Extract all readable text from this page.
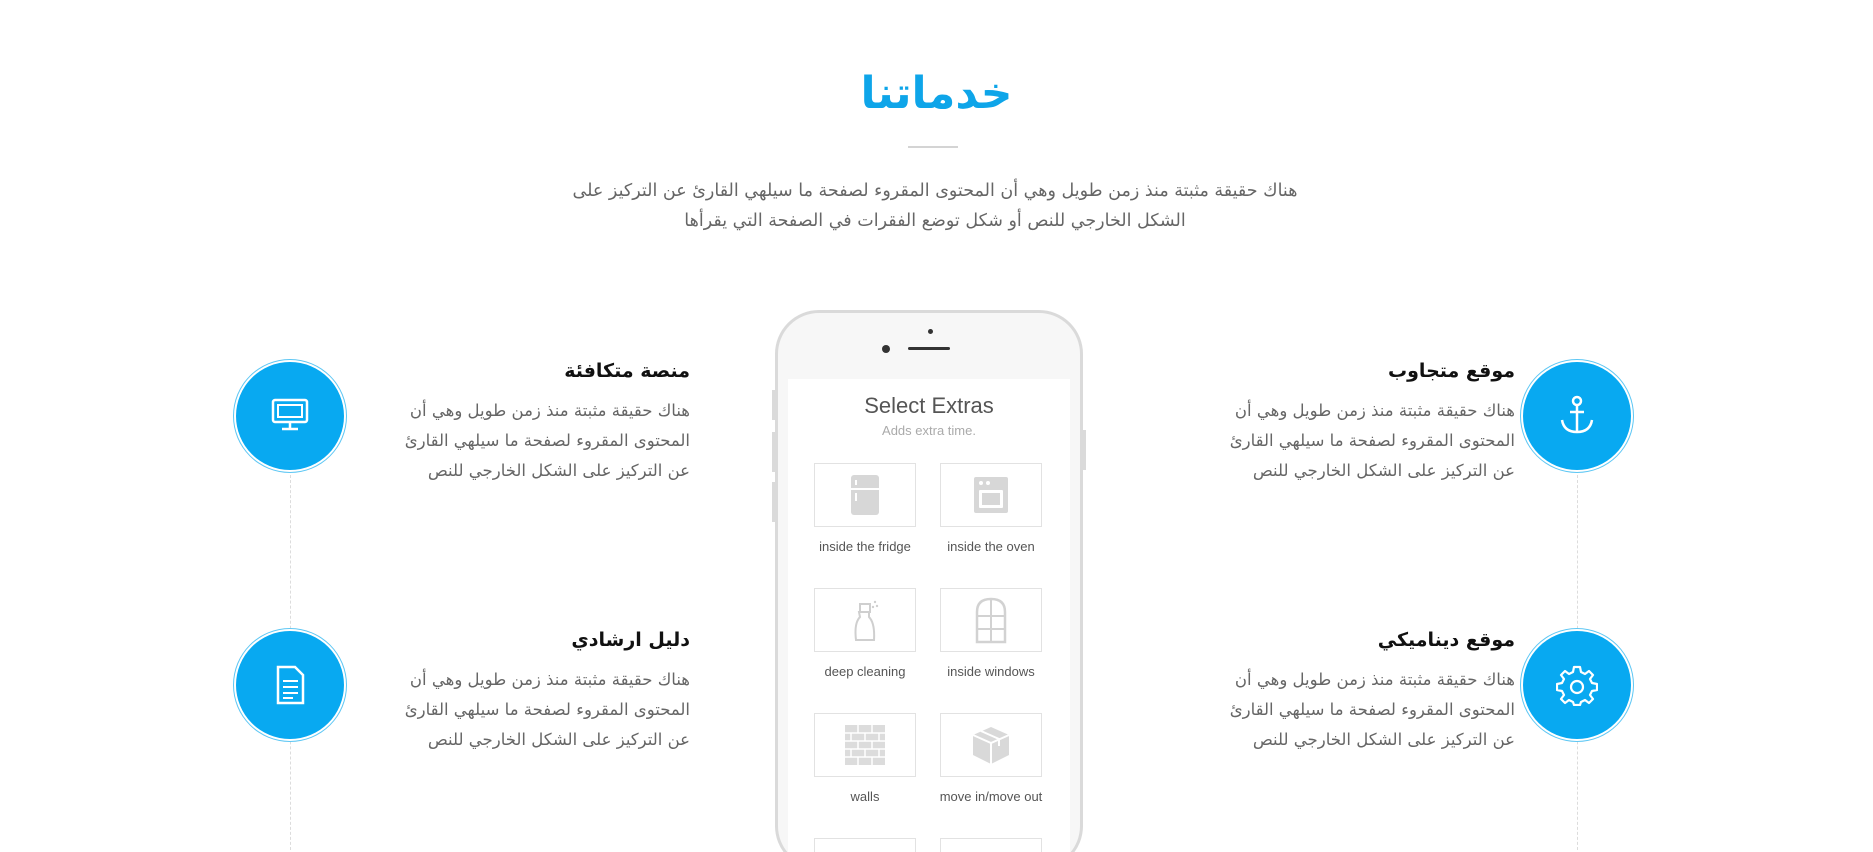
خدماتنا
هناك حقيقة مثبتة منذ زمن طويل وهي أن المحتوى المقروء لصفحة ما سيلهي القارئ عن التركيز على
الشكل الخارجي للنص أو شكل توضع الفقرات في الصفحة التي يقرأها
منصة متكافئة
هناك حقيقة مثبتة منذ زمن طويل وهي أن المحتوى المقروء لصفحة ما سيلهي القارئ عن التركيز على الشكل الخارجي للنص
دليل ارشادي
هناك حقيقة مثبتة منذ زمن طويل وهي أن المحتوى المقروء لصفحة ما سيلهي القارئ عن التركيز على الشكل الخارجي للنص
موقع متجاوب
هناك حقيقة مثبتة منذ زمن طويل وهي أن المحتوى المقروء لصفحة ما سيلهي القارئ عن التركيز على الشكل الخارجي للنص
موقع ديناميكي
هناك حقيقة مثبتة منذ زمن طويل وهي أن المحتوى المقروء لصفحة ما سيلهي القارئ عن التركيز على الشكل الخارجي للنص
Select Extras
Adds extra time.
inside the fridge	inside the oven
deep cleaning	inside windows
walls	move in/move out
